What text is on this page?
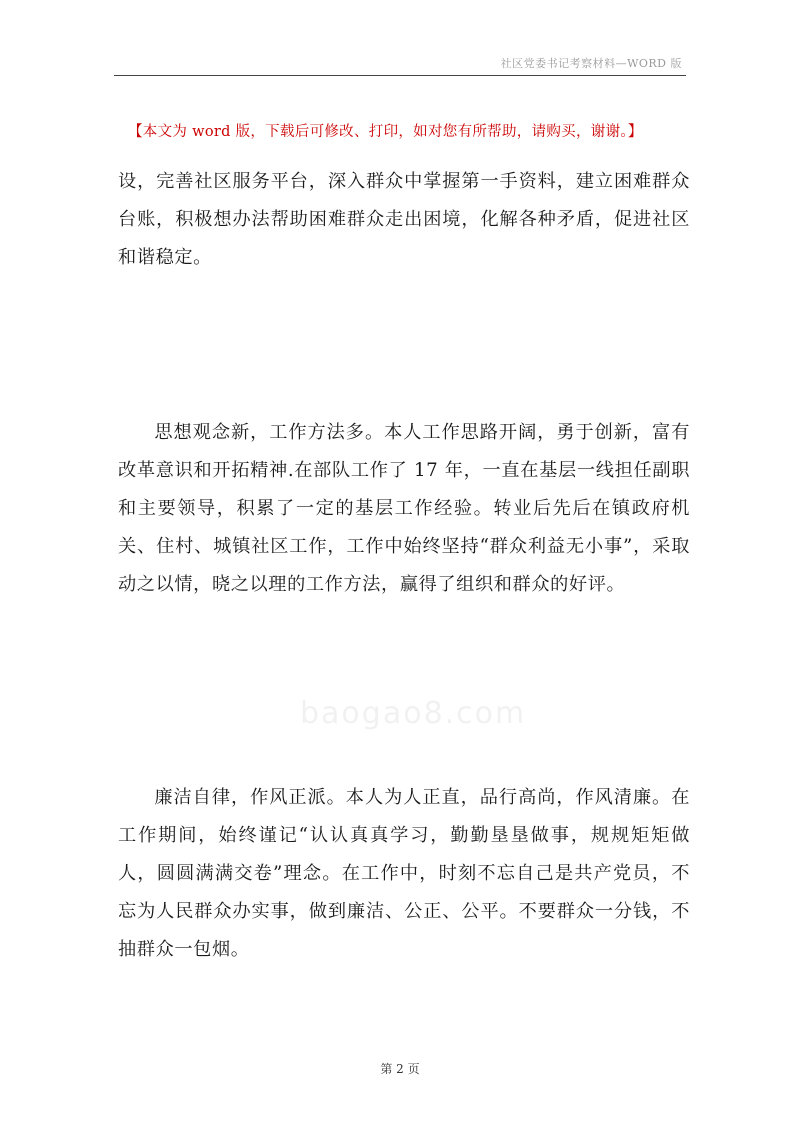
社区党委书记考察材料—WORD 版
【本文为 word 版，下载后可修改、打印，如对您有所帮助，请购买，谢谢。】

设，完善社区服务平台，深入群众中掌握第一手资料，建立困难群众台账，积极想办法帮助困难群众走出困境，化解各种矛盾，促进社区和谐稳定。

思想观念新，工作方法多。本人工作思路开阔，勇于创新，富有改革意识和开拓精神.在部队工作了 17 年，一直在基层一线担任副职和主要领导，积累了一定的基层工作经验。转业后先后在镇政府机关、住村、城镇社区工作，工作中始终坚持“群众利益无小事”，采取动之以情，晓之以理的工作方法，赢得了组织和群众的好评。

baogao8.com

廉洁自律，作风正派。本人为人正直，品行高尚，作风清廉。在工作期间，始终谨记“认认真真学习，勤勤垦垦做事，规规矩矩做人，圆圆满满交卷”理念。在工作中，时刻不忘自己是共产党员，不忘为人民群众办实事，做到廉洁、公正、公平。不要群众一分钱，不抽群众一包烟。

第 2 页
